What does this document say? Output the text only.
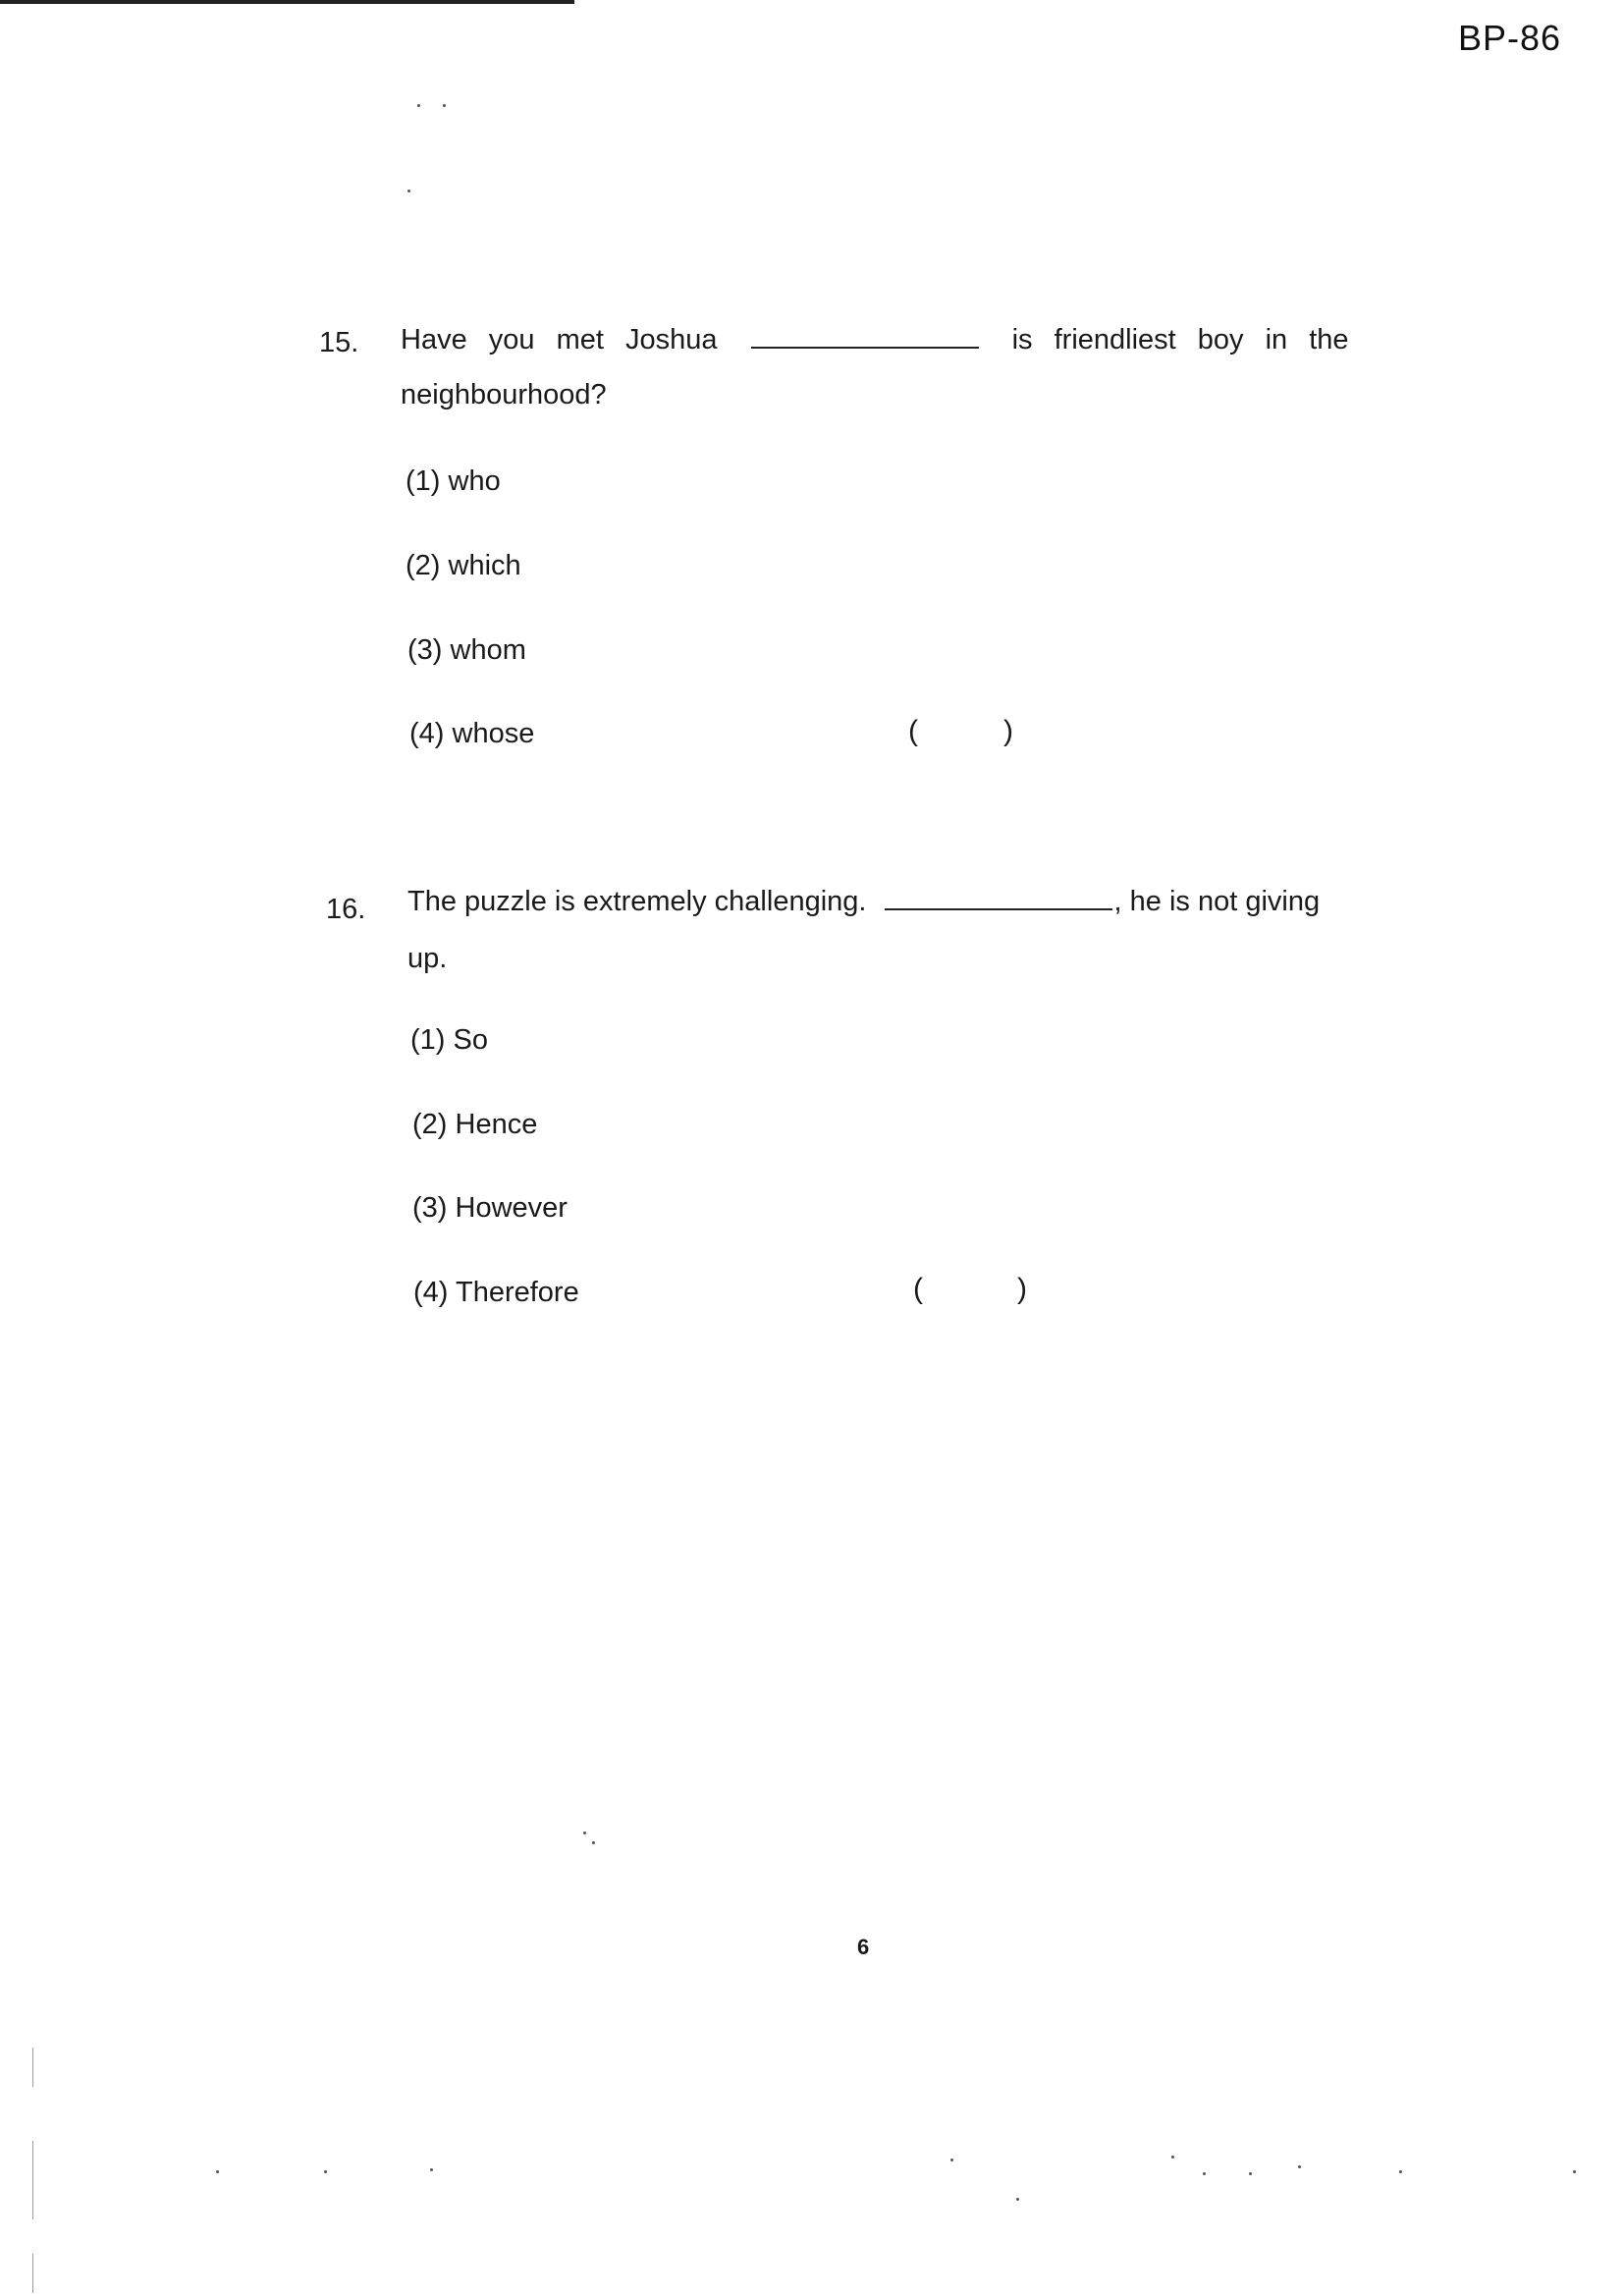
BP-86
15. Have you met Joshua	is friendliest boy in the
neighbourhood?
(1) who
(2) which
(3) whom
(4) whose	(	)
16. The puzzle is extremely challenging.	, he is not giving
up.
(1) So
(2) Hence
(3) However
(4) Therefore	(	)
6
